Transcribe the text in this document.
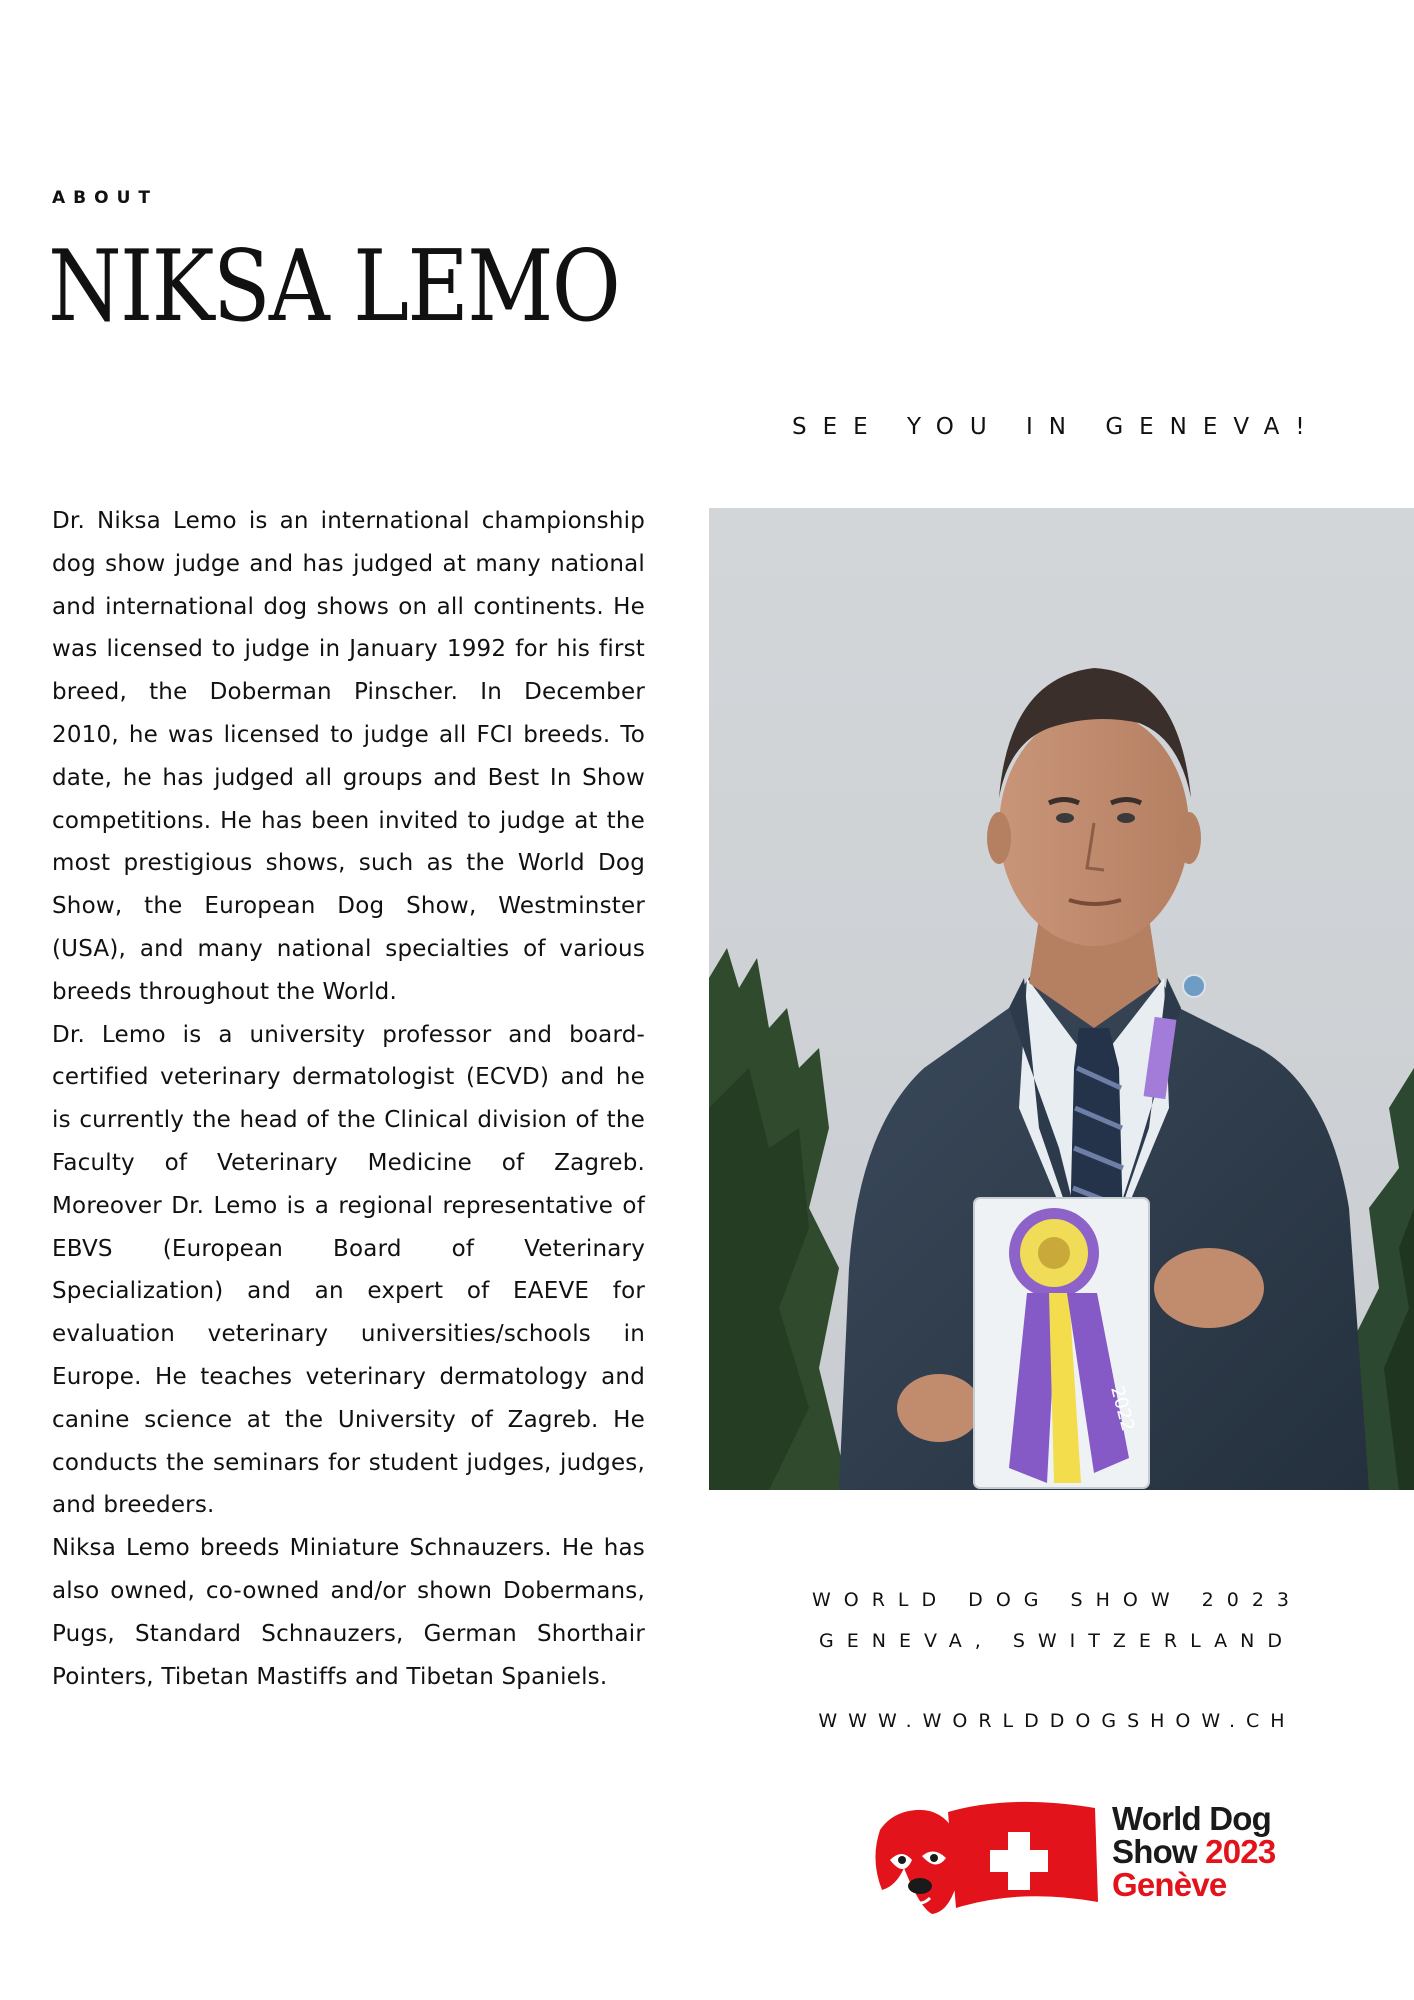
ABOUT
NIKSA LEMO
SEE YOU IN GENEVA!

Dr. Niksa Lemo is an international championship dog show judge and has judged at many national and international dog shows on all continents. He was licensed to judge in January 1992 for his first breed, the Doberman Pinscher. In December 2010, he was licensed to judge all FCI breeds. To date, he has judged all groups and Best In Show competitions. He has been invited to judge at the most prestigious shows, such as the World Dog Show, the European Dog Show, Westminster (USA), and many national specialties of various breeds throughout the World.

Dr. Lemo is a university professor and board-certified veterinary dermatologist (ECVD) and he is currently the head of the Clinical division of the Faculty of Veterinary Medicine of Zagreb. Moreover Dr. Lemo is a regional representative of EBVS (European Board of Veterinary Specialization) and an expert of EAEVE for evaluation veterinary universities/schools in Europe. He teaches veterinary dermatology and canine science at the University of Zagreb. He conducts the seminars for student judges, judges, and breeders.

Niksa Lemo breeds Miniature Schnauzers. He has also owned, co-owned and/or shown Dobermans, Pugs, Standard Schnauzers, German Shorthair Pointers, Tibetan Mastiffs and Tibetan Spaniels.

2022
WORLD DOG SHOW 2023
GENEVA, SWITZERLAND
WWW.WORLDDOGSHOW.CH
World Dog
Show 2023
Genève
